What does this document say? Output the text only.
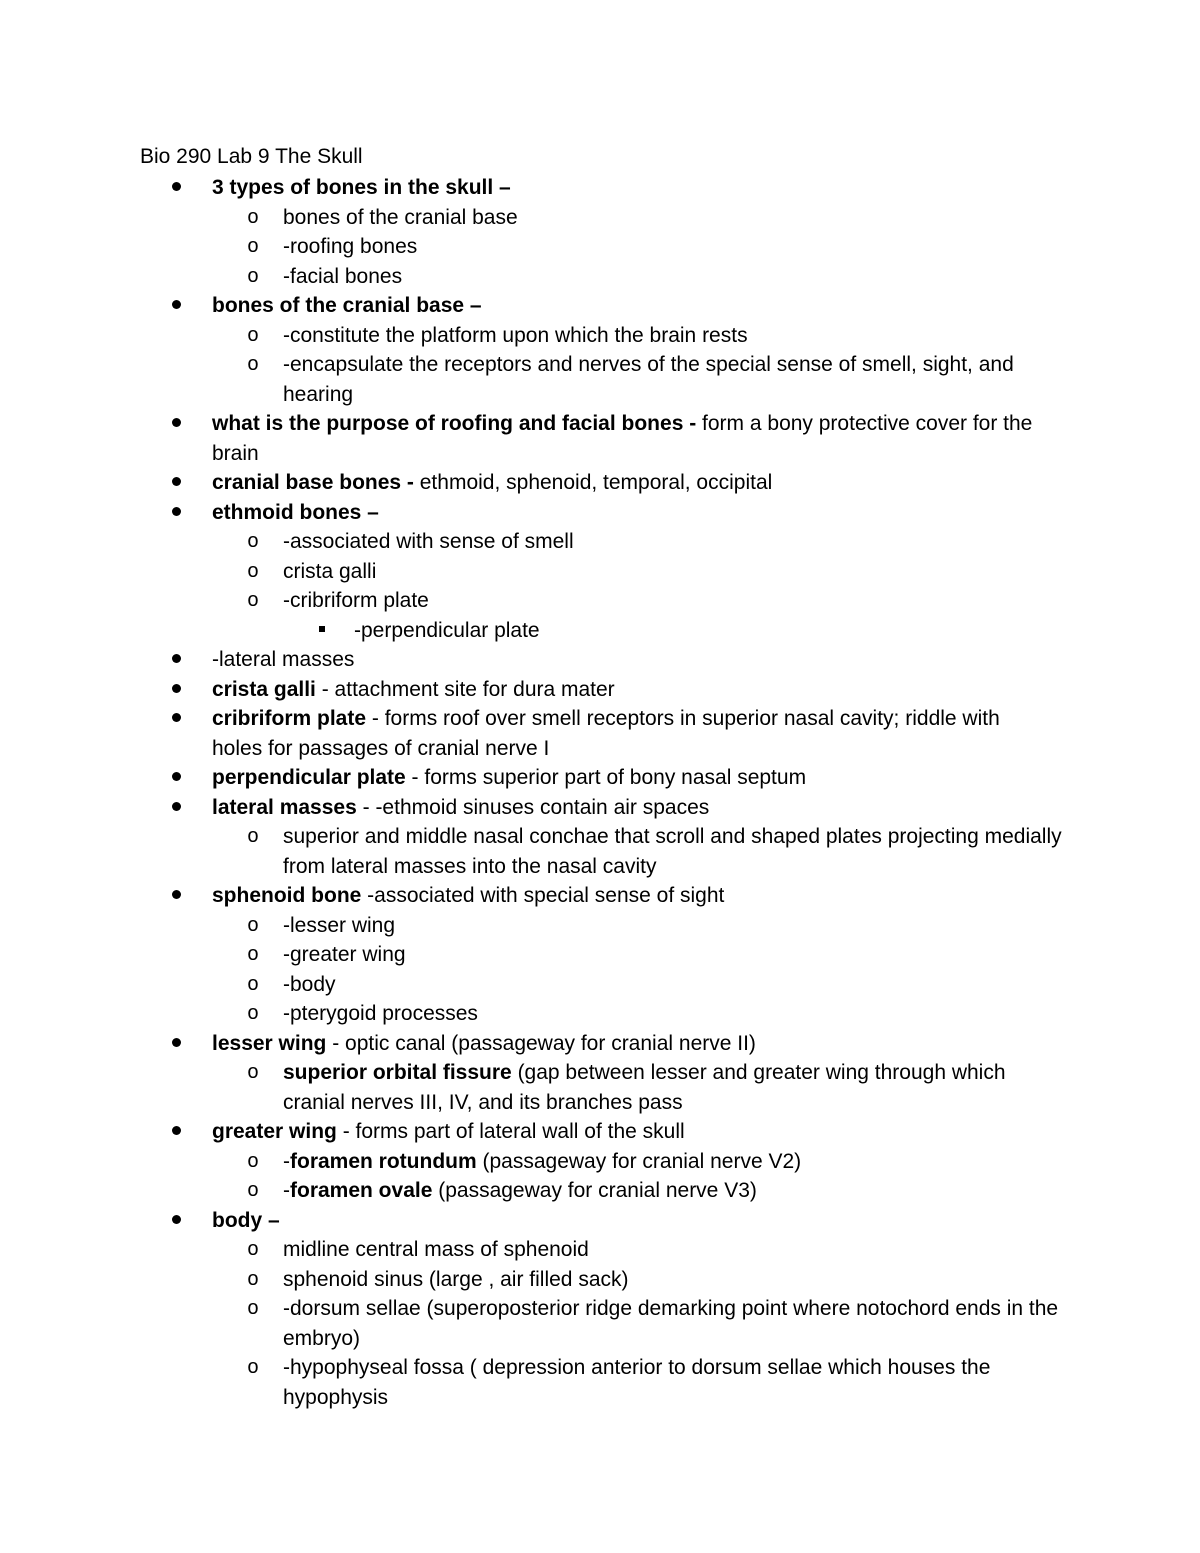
Bio 290 Lab 9 The Skull
3 types of bones in the skull –
o bones of the cranial base
o -roofing bones
o -facial bones
bones of the cranial base –
o -constitute the platform upon which the brain rests
o -encapsulate the receptors and nerves of the special sense of smell, sight, and hearing
what is the purpose of roofing and facial bones - form a bony protective cover for the brain
cranial base bones - ethmoid, sphenoid, temporal, occipital
ethmoid bones –
o -associated with sense of smell
o crista galli
o -cribriform plate
-perpendicular plate
-lateral masses
crista galli - attachment site for dura mater
cribriform plate - forms roof over smell receptors in superior nasal cavity; riddle with holes for passages of cranial nerve I
perpendicular plate - forms superior part of bony nasal septum
lateral masses - -ethmoid sinuses contain air spaces
o superior and middle nasal conchae that scroll and shaped plates projecting medially from lateral masses into the nasal cavity
sphenoid bone -associated with special sense of sight
o -lesser wing
o -greater wing
o -body
o -pterygoid processes
lesser wing - optic canal (passageway for cranial nerve II)
o superior orbital fissure (gap between lesser and greater wing through which cranial nerves III, IV, and its branches pass
greater wing - forms part of lateral wall of the skull
o -foramen rotundum (passageway for cranial nerve V2)
o -foramen ovale (passageway for cranial nerve V3)
body –
o midline central mass of sphenoid
o sphenoid sinus (large , air filled sack)
o -dorsum sellae (superoposterior ridge demarking point where notochord ends in the embryo)
o -hypophyseal fossa ( depression anterior to dorsum sellae which houses the hypophysis
